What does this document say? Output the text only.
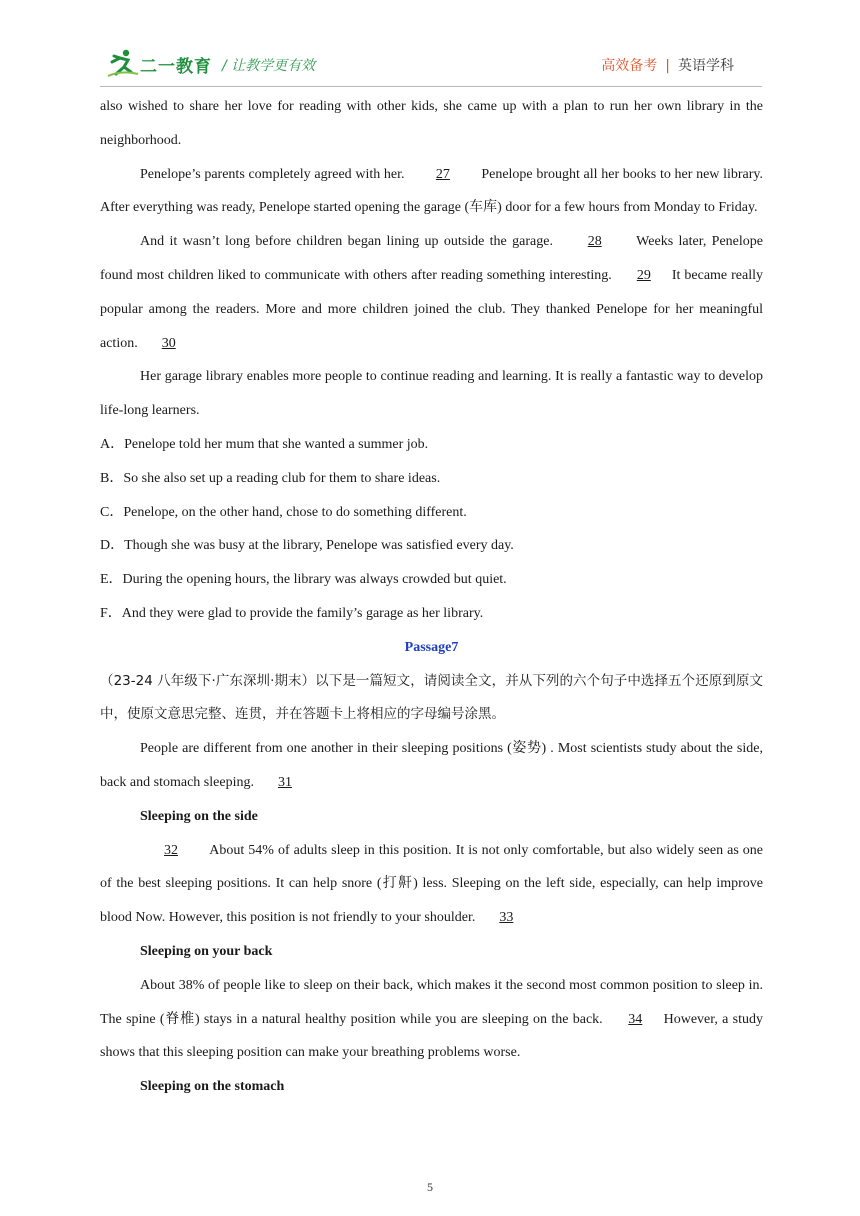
二一教育 / 让教学更有效	高效备考 | 英语学科

also wished to share her love for reading with other kids, she came up with a plan to run her own library in the neighborhood.

Penelope’s parents completely agreed with her. 27 Penelope brought all her books to her new library. After everything was ready, Penelope started opening the garage (车库) door for a few hours from Monday to Friday.

And it wasn’t long before children began lining up outside the garage. 28 Weeks later, Penelope found most children liked to communicate with others after reading something interesting. 29 It became really popular among the readers. More and more children joined the club. They thanked Penelope for her meaningful action. 30

Her garage library enables more people to continue reading and learning. It is really a fantastic way to develop life-long learners.

A．Penelope told her mum that she wanted a summer job.
B．So she also set up a reading club for them to share ideas.
C．Penelope, on the other hand, chose to do something different.
D．Though she was busy at the library, Penelope was satisfied every day.
E．During the opening hours, the library was always crowded but quiet.
F．And they were glad to provide the family’s garage as her library.

Passage7

（23-24 八年级下·广东深圳·期末）以下是一篇短文，请阅读全文，并从下列的六个句子中选择五个还原到原文中，使原文意思完整、连贯，并在答题卡上将相应的字母编号涂黑。

People are different from one another in their sleeping positions (姿势) . Most scientists study about the side, back and stomach sleeping. 31

Sleeping on the side

32 About 54% of adults sleep in this position. It is not only comfortable, but also widely seen as one of the best sleeping positions. It can help snore (打鼾) less. Sleeping on the left side, especially, can help improve blood Now. However, this position is not friendly to your shoulder. 33

Sleeping on your back

About 38% of people like to sleep on their back, which makes it the second most common position to sleep in. The spine (脊椎) stays in a natural healthy position while you are sleeping on the back. 34 However, a study shows that this sleeping position can make your breathing problems worse.

Sleeping on the stomach

5
